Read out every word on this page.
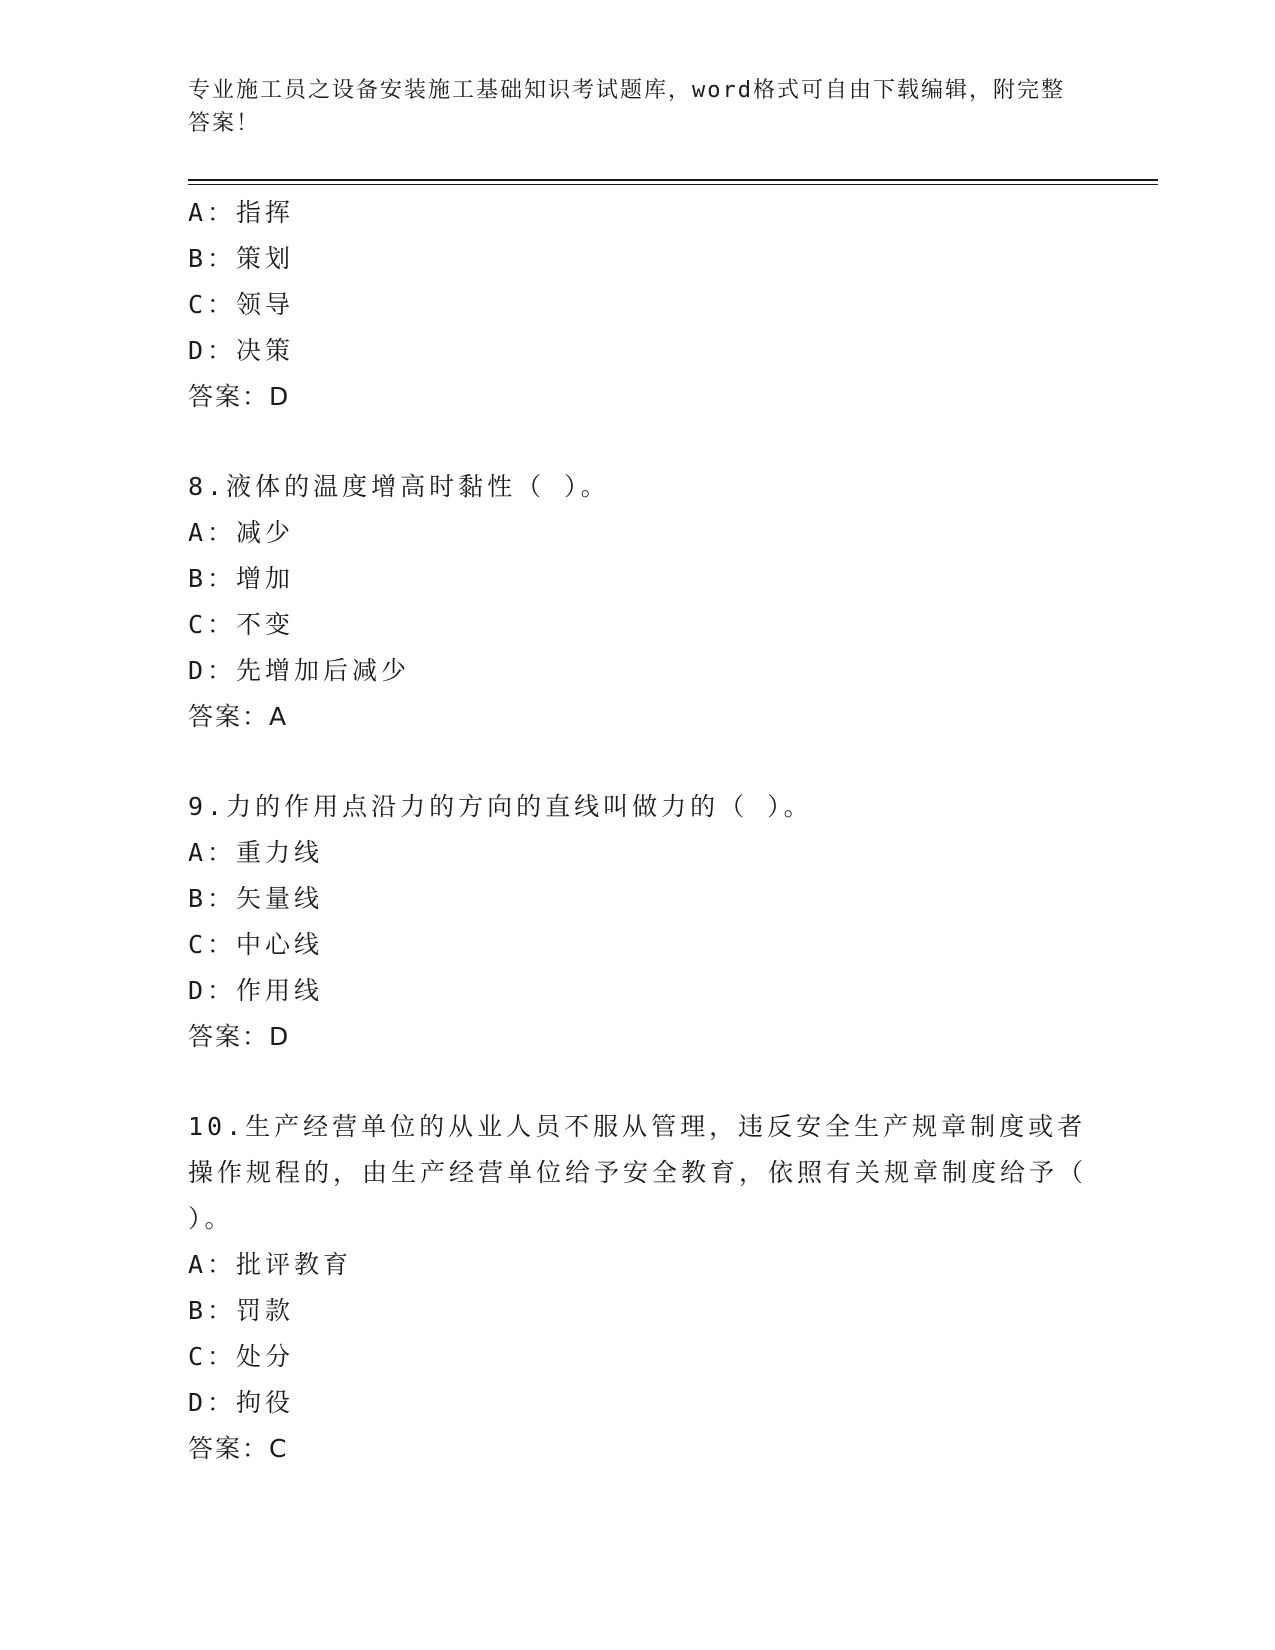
专业施工员之设备安装施工基础知识考试题库，word格式可自由下载编辑，附完整答案！
A：指挥
B：策划
C：领导
D：决策
答案：D
8.液体的温度增高时黏性（ ）。
A：减少
B：增加
C：不变
D：先增加后减少
答案：A
9.力的作用点沿力的方向的直线叫做力的（ ）。
A：重力线
B：矢量线
C：中心线
D：作用线
答案：D
10.生产经营单位的从业人员不服从管理，违反安全生产规章制度或者操作规程的，由生产经营单位给予安全教育，依照有关规章制度给予（ ）。
A：批评教育
B：罚款
C：处分
D：拘役
答案：C
